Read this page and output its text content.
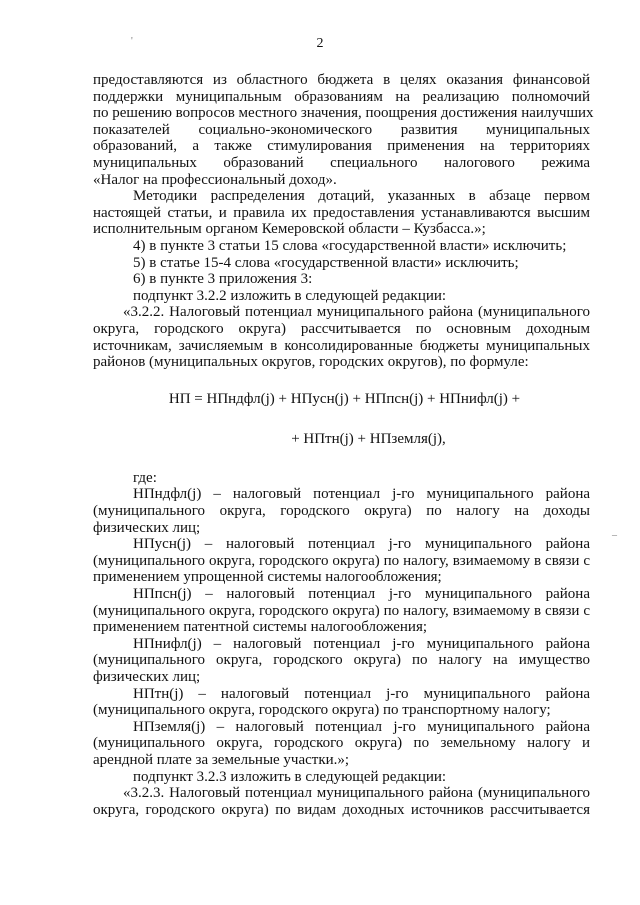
2
'
–
предоставляются из областного бюджета в целях оказания финансовой
поддержки муниципальным образованиям на реализацию полномочий
по решению вопросов местного значения, поощрения достижения наилучших
показателей социально-экономического развития муниципальных
образований, а также стимулирования применения на территориях
муниципальных образований специального налогового режима
«Налог на профессиональный доход».
Методики распределения дотаций, указанных в абзаце первом
настоящей статьи, и правила их предоставления устанавливаются высшим
исполнительным органом Кемеровской области – Кузбасса.»;
4) в пункте 3 статьи 15 слова «государственной власти» исключить;
5) в статье 15-4 слова «государственной власти» исключить;
6) в пункте 3 приложения 3:
подпункт 3.2.2 изложить в следующей редакции:
«3.2.2. Налоговый потенциал муниципального района (муниципального
округа, городского округа) рассчитывается по основным доходным
источникам, зачисляемым в консолидированные бюджеты муниципальных
районов (муниципальных округов, городских округов), по формуле:
НП = НПндфл(j) + НПусн(j) + НПпсн(j) + НПнифл(j) +
+ НПтн(j) + НПземля(j),
где:
НПндфл(j) – налоговый потенциал j-го муниципального района
(муниципального округа, городского округа) по налогу на доходы
физических лиц;
НПусн(j) – налоговый потенциал j-го муниципального района
(муниципального округа, городского округа) по налогу, взимаемому в связи с
применением упрощенной системы налогообложения;
НПпсн(j) – налоговый потенциал j-го муниципального района
(муниципального округа, городского округа) по налогу, взимаемому в связи с
применением патентной системы налогообложения;
НПнифл(j) – налоговый потенциал j-го муниципального района
(муниципального округа, городского округа) по налогу на имущество
физических лиц;
НПтн(j) – налоговый потенциал j-го муниципального района
(муниципального округа, городского округа) по транспортному налогу;
НПземля(j) – налоговый потенциал j-го муниципального района
(муниципального округа, городского округа) по земельному налогу и
арендной плате за земельные участки.»;
подпункт 3.2.3 изложить в следующей редакции:
«3.2.3. Налоговый потенциал муниципального района (муниципального
округа, городского округа) по видам доходных источников рассчитывается
